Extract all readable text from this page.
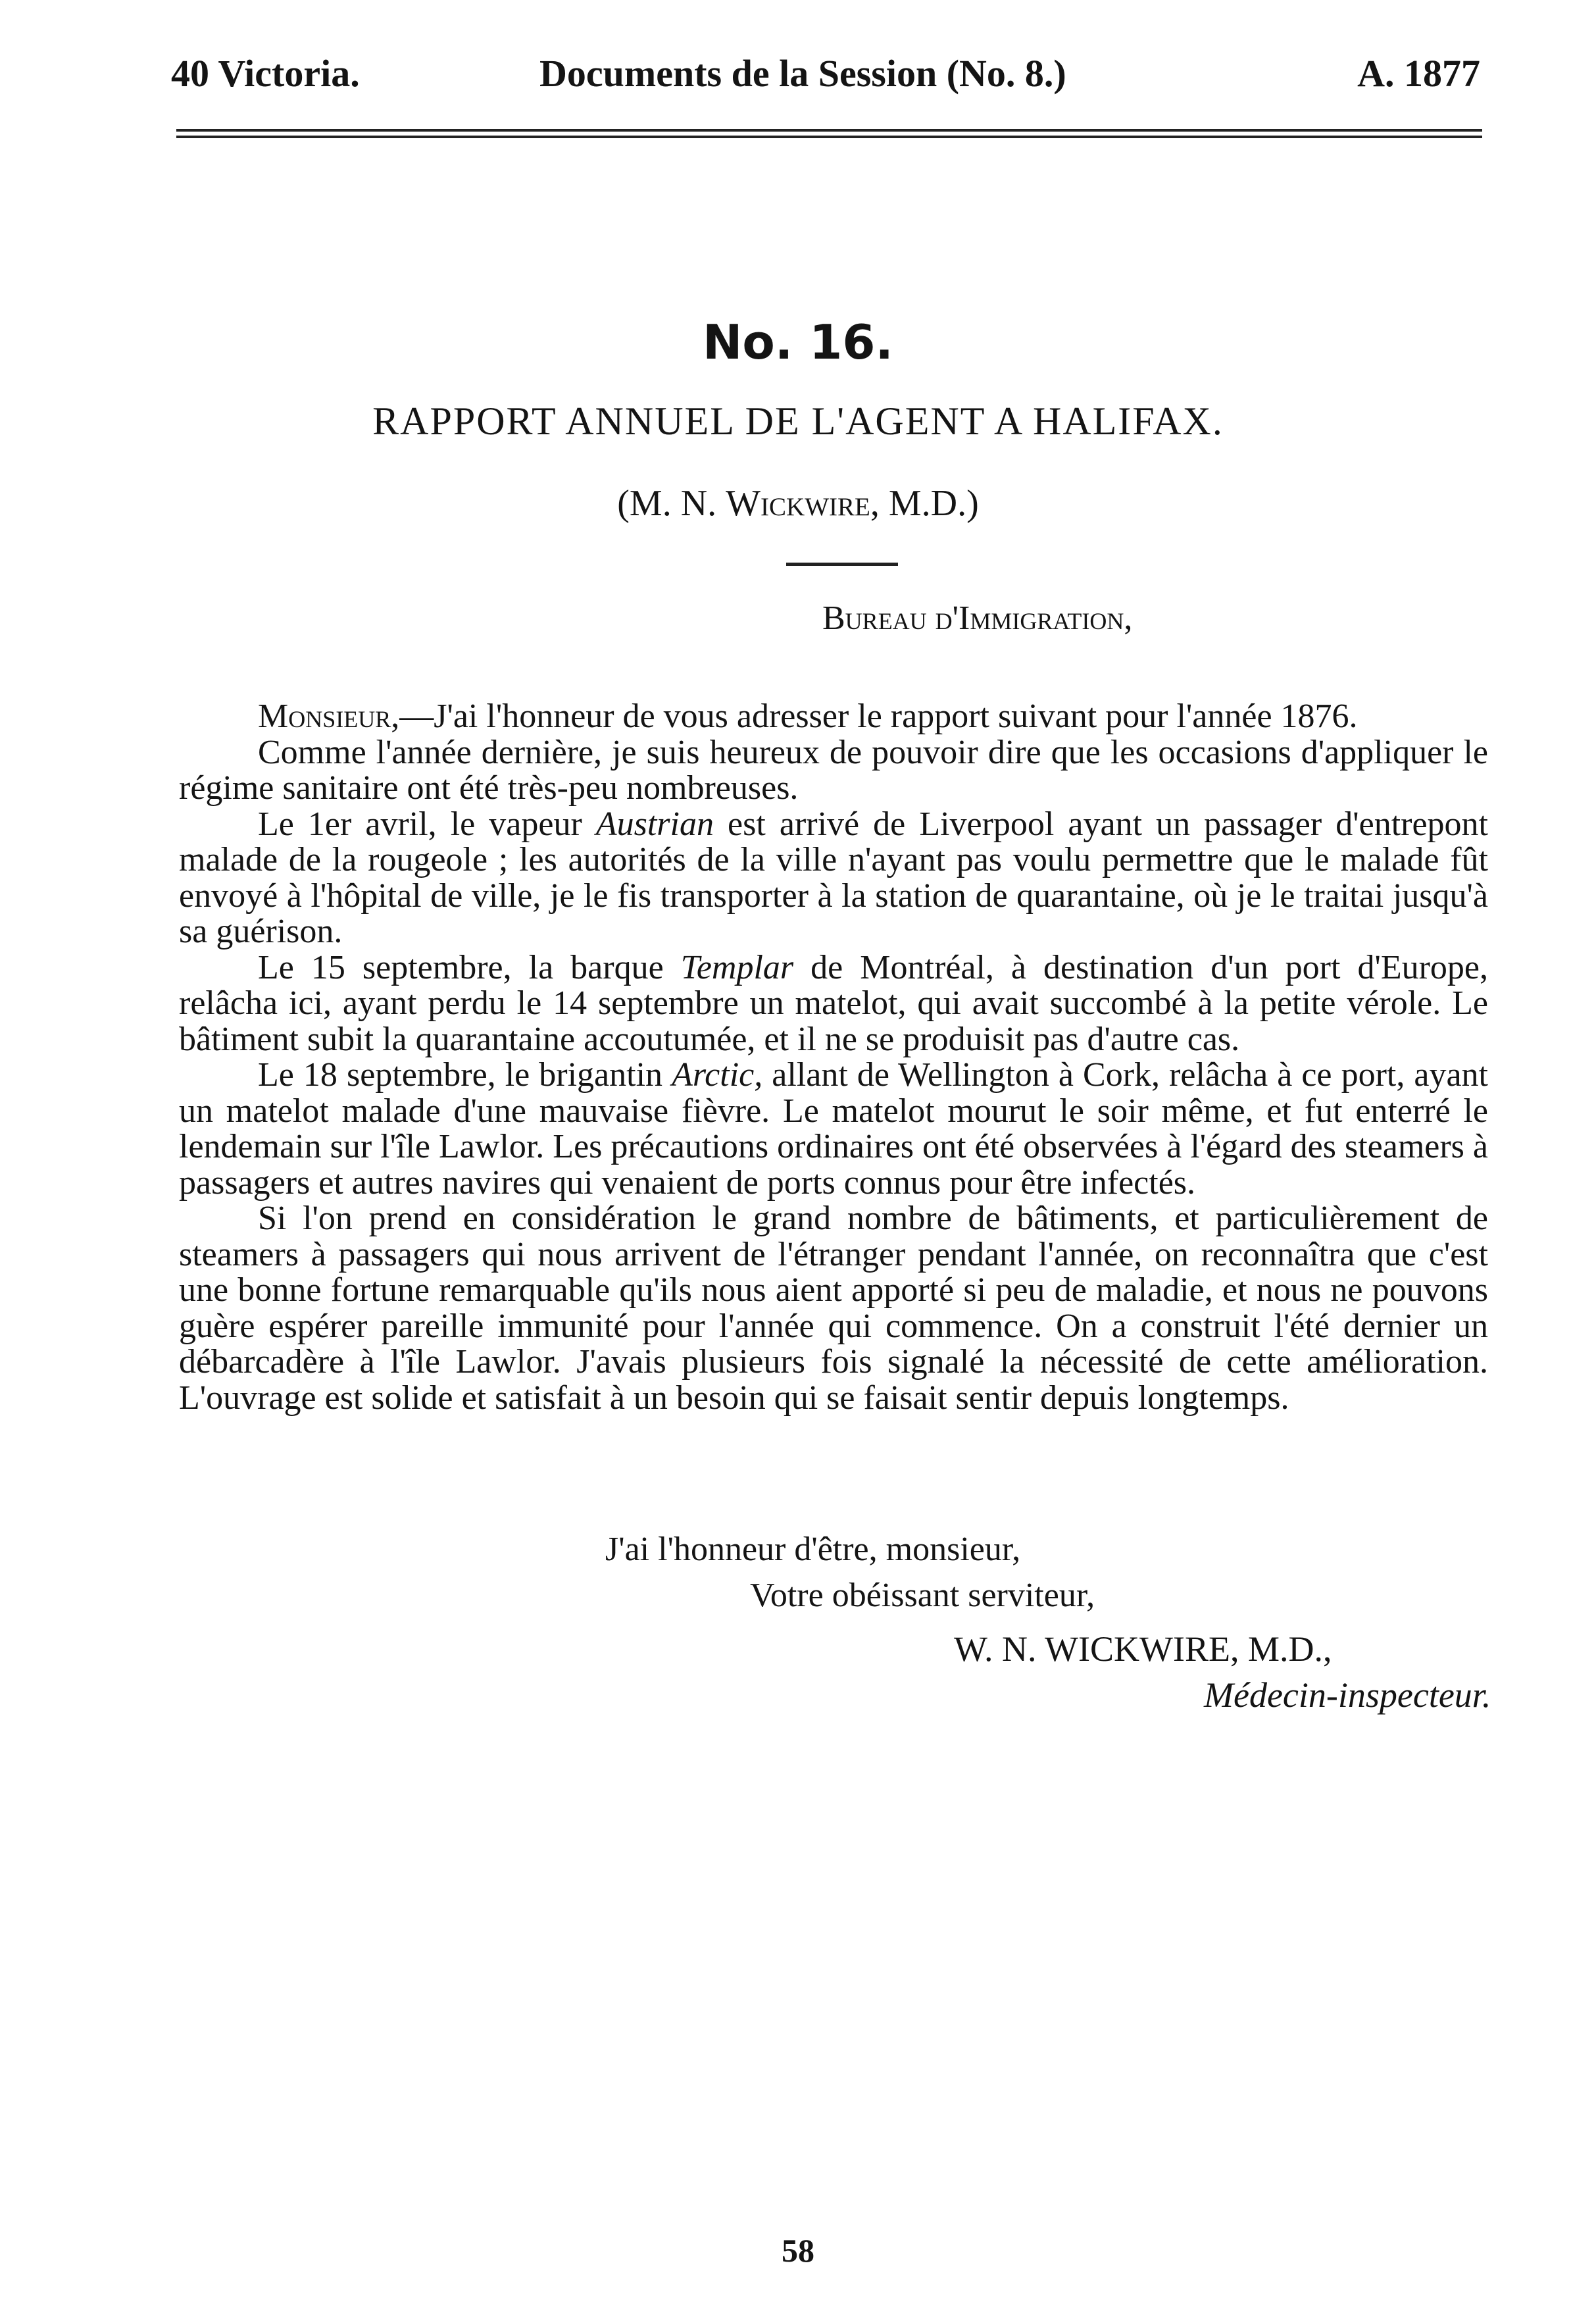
40 Victoria.	Documents de la Session (No. 8.)	A. 1877
No. 16.
RAPPORT ANNUEL DE L'AGENT A HALIFAX.
(M. N. Wickwire, M.D.)
Bureau d'Immigration,

Monsieur,—J'ai l'honneur de vous adresser le rapport suivant pour l'année 1876.

Comme l'année dernière, je suis heureux de pouvoir dire que les occasions d'appliquer le régime sanitaire ont été très-peu nombreuses.

Le 1er avril, le vapeur Austrian est arrivé de Liverpool ayant un passager d'entrepont malade de la rougeole ; les autorités de la ville n'ayant pas voulu permettre que le malade fût envoyé à l'hôpital de ville, je le fis transporter à la station de quarantaine, où je le traitai jusqu'à sa guérison.

Le 15 septembre, la barque Templar de Montréal, à destination d'un port d'Europe, relâcha ici, ayant perdu le 14 septembre un matelot, qui avait succombé à la petite vérole. Le bâtiment subit la quarantaine accoutumée, et il ne se produisit pas d'autre cas.

Le 18 septembre, le brigantin Arctic, allant de Wellington à Cork, relâcha à ce port, ayant un matelot malade d'une mauvaise fièvre. Le matelot mourut le soir même, et fut enterré le lendemain sur l'île Lawlor. Les précautions ordinaires ont été observées à l'égard des steamers à passagers et autres navires qui venaient de ports connus pour être infectés.

Si l'on prend en considération le grand nombre de bâtiments, et particulièrement de steamers à passagers qui nous arrivent de l'étranger pendant l'année, on reconnaîtra que c'est une bonne fortune remarquable qu'ils nous aient apporté si peu de maladie, et nous ne pouvons guère espérer pareille immunité pour l'année qui commence. On a construit l'été dernier un débarcadère à l'île Lawlor. J'avais plusieurs fois signalé la nécessité de cette amélioration. L'ouvrage est solide et satisfait à un besoin qui se faisait sentir depuis longtemps.

J'ai l'honneur d'être, monsieur,
Votre obéissant serviteur,
W. N. WICKWIRE, M.D.,
Médecin-inspecteur.
58
